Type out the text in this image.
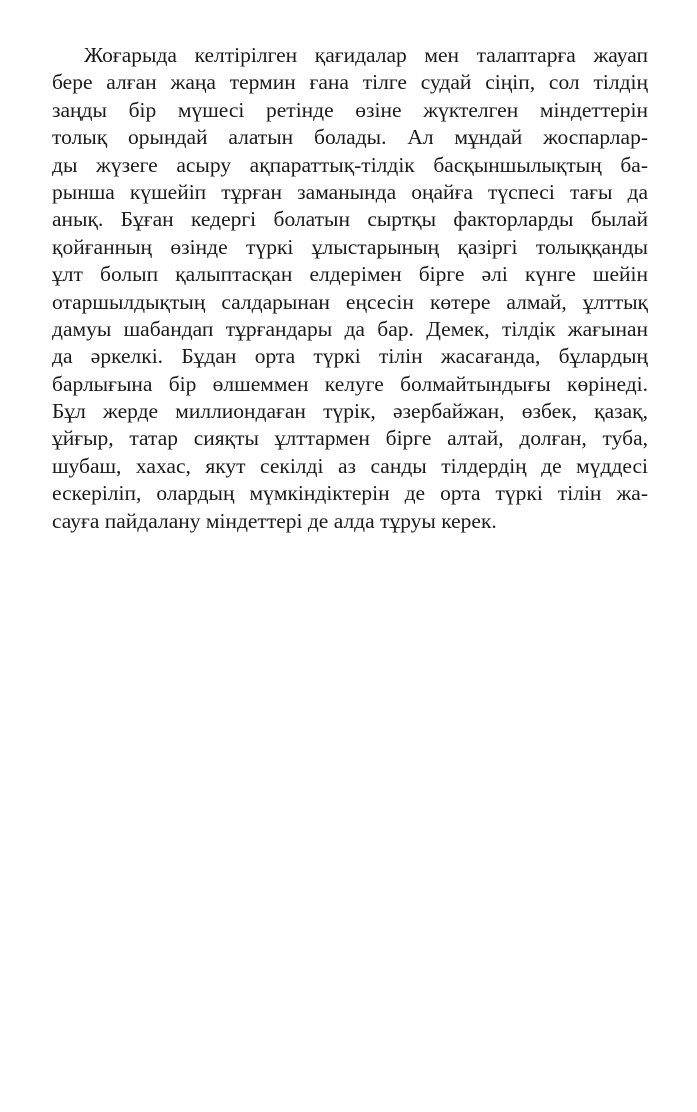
Жоғарыда келтірілген қағидалар мен талаптарға жауап
бере алған жаңа термин ғана тілге судай сіңіп, сол тілдің
заңды бір мүшесі ретінде өзіне жүктелген міндеттерін
толық орындай алатын болады. Ал мұндай жоспарлар-
ды жүзеге асыру ақпараттық-тілдік басқыншылықтың ба-
рынша күшейіп тұрған заманында оңайға түспесі тағы да
анық. Бұған кедергі болатын сыртқы факторларды былай
қойғанның өзінде түркі ұлыстарының қазіргі толыққанды
ұлт болып қалыптасқан елдерімен бірге әлі күнге шейін
отаршылдықтың салдарынан еңсесін көтере алмай, ұлттық
дамуы шабандап тұрғандары да бар. Демек, тілдік жағынан
да әркелкі. Бұдан орта түркі тілін жасағанда, бұлардың
барлығына бір өлшеммен келуге болмайтындығы көрінеді.
Бұл жерде миллиондаған түрік, әзербайжан, өзбек, қазақ,
ұйғыр, татар сияқты ұлттармен бірге алтай, долған, туба,
шубаш, хахас, якут секілді аз санды тілдердің де мүддесі
ескеріліп, олардың мүмкіндіктерін де орта түркі тілін жа-
сауға пайдалану міндеттері де алда тұруы керек.
